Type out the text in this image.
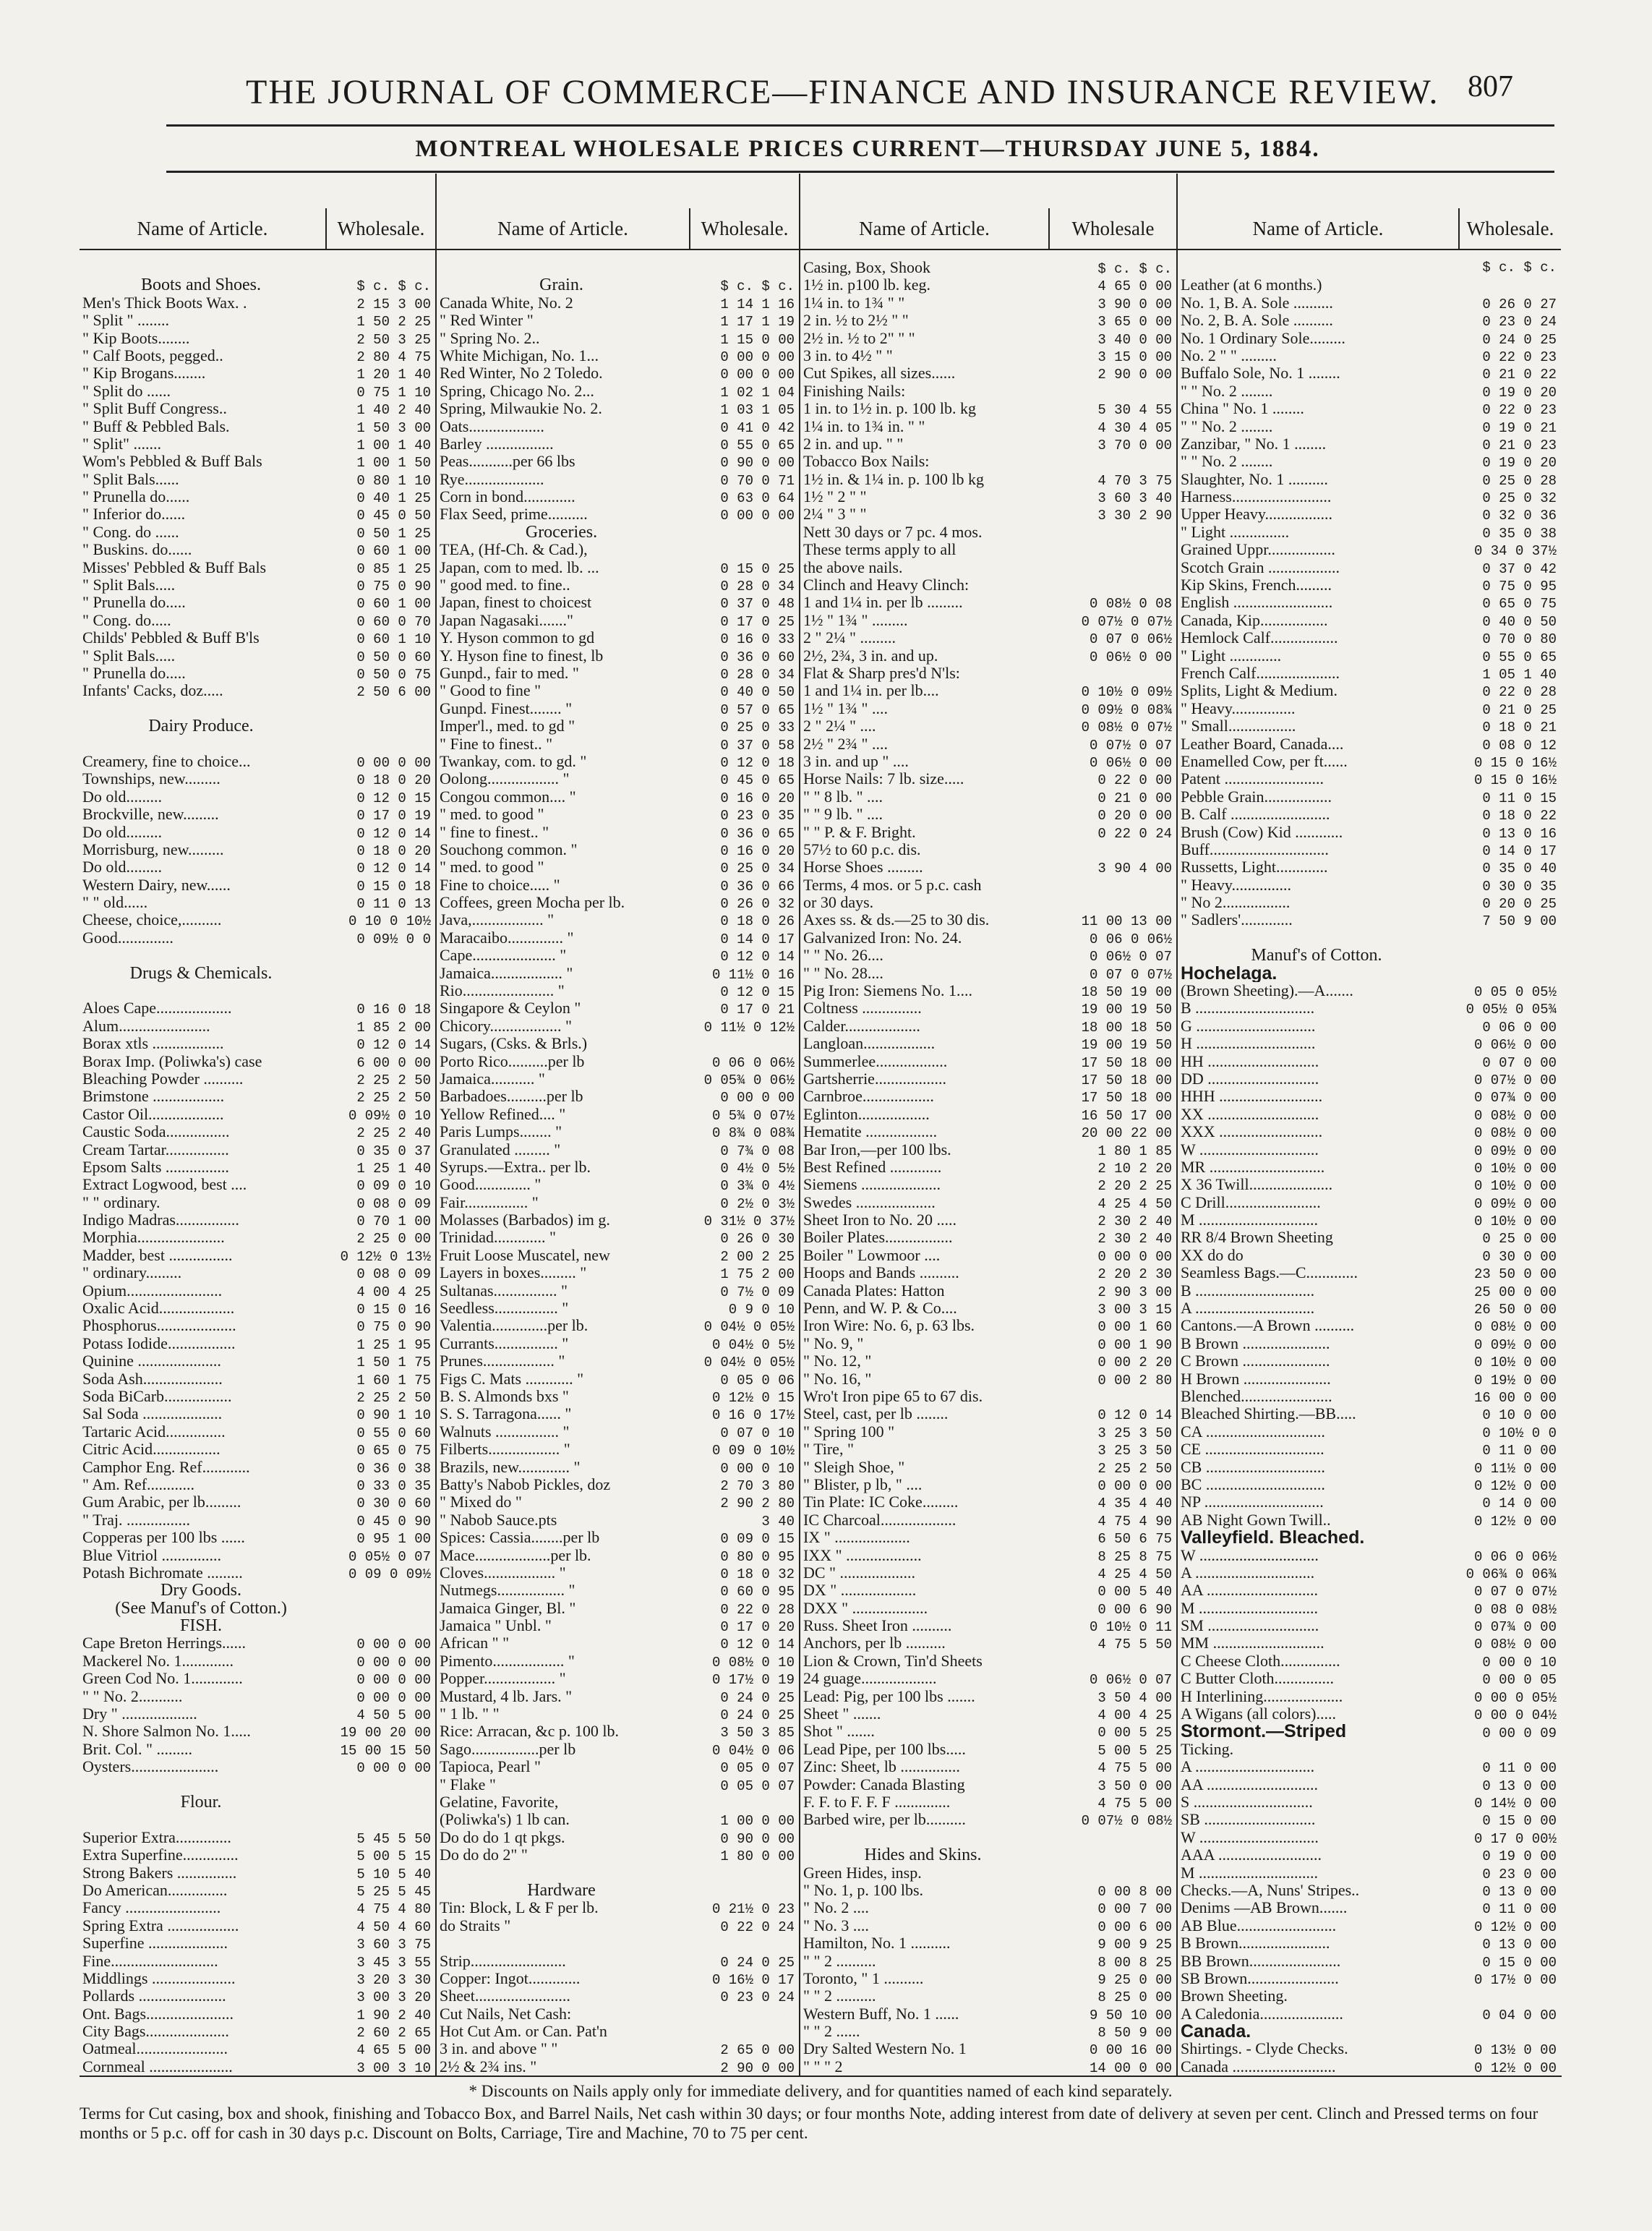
THE JOURNAL OF COMMERCE—FINANCE AND INSURANCE REVIEW. 807
MONTREAL WHOLESALE PRICES CURRENT—THURSDAY JUNE 5, 1884.
Name of Article.	Wholesale.
Boots and Shoes.	$ c. $ c.
Men's Thick Boots Wax. .	2 15 3 00
" Split " ........	1 50 2 25
" Kip Boots........	2 50 3 25
" Calf Boots, pegged..	2 80 4 75
" Kip Brogans........	1 20 1 40
" Split do ......	0 75 1 10
" Split Buff Congress..	1 40 2 40
" Buff & Pebbled Bals.	1 50 3 00
" Split" .......	1 00 1 40
Wom's Pebbled & Buff Bals	1 00 1 50
" Split Bals......	0 80 1 10
" Prunella do......	0 40 1 25
" Inferior do......	0 45 0 50
" Cong. do ......	0 50 1 25
" Buskins. do......	0 60 1 00
Misses' Pebbled & Buff Bals	0 85 1 25
" Split Bals.....	0 75 0 90
" Prunella do.....	0 60 1 00
" Cong. do.....	0 60 0 70
Childs' Pebbled & Buff B'ls	0 60 1 10
" Split Bals.....	0 50 0 60
" Prunella do.....	0 50 0 75
Infants' Cacks, doz.....	2 50 6 00
Dairy Produce.
Creamery, fine to choice...	0 00 0 00
Townships, new.........	0 18 0 20
Do old.........	0 12 0 15
Brockville, new.........	0 17 0 19
Do old.........	0 12 0 14
Morrisburg, new.........	0 18 0 20
Do old.........	0 12 0 14
Western Dairy, new......	0 15 0 18
" " old......	0 11 0 13
Cheese, choice,..........	0 10 0 10½
Good..............	0 09½ 0 0
Drugs & Chemicals.
Aloes Cape...................	0 16 0 18
Alum.......................	1 85 2 00
Borax xtls ..................	0 12 0 14
Borax Imp. (Poliwka's) case	6 00 0 00
Bleaching Powder ..........	2 25 2 50
Brimstone ..................	2 25 2 50
Castor Oil...................	0 09½ 0 10
Caustic Soda................	2 25 2 40
Cream Tartar................	0 35 0 37
Epsom Salts ................	1 25 1 40
Extract Logwood, best ....	0 09 0 10
" " ordinary.	0 08 0 09
Indigo Madras................	0 70 1 00
Morphia......................	2 25 0 00
Madder, best ................	0 12½ 0 13½
" ordinary.........	0 08 0 09
Opium........................	4 00 4 25
Oxalic Acid...................	0 15 0 16
Phosphorus....................	0 75 0 90
Potass Iodide.................	1 25 1 95
Quinine .....................	1 50 1 75
Soda Ash....................	1 60 1 75
Soda BiCarb.................	2 25 2 50
Sal Soda ....................	0 90 1 10
Tartaric Acid...............	0 55 0 60
Citric Acid.................	0 65 0 75
Camphor Eng. Ref............	0 36 0 38
" Am. Ref............	0 33 0 35
Gum Arabic, per lb.........	0 30 0 60
" Traj. ................	0 45 0 90
Copperas per 100 lbs ......	0 95 1 00
Blue Vitriol ...............	0 05½ 0 07
Potash Bichromate .........	0 09 0 09½
Dry Goods.
(See Manuf's of Cotton.)
FISH.
Cape Breton Herrings......	0 00 0 00
Mackerel No. 1.............	0 00 0 00
Green Cod No. 1.............	0 00 0 00
" " No. 2...........	0 00 0 00
Dry " ...................	4 50 5 00
N. Shore Salmon No. 1.....	19 00 20 00
Brit. Col. " .........	15 00 15 50
Oysters......................	0 00 0 00
Flour.
Superior Extra..............	5 45 5 50
Extra Superfine..............	5 00 5 15
Strong Bakers ...............	5 10 5 40
Do American...............	5 25 5 45
Fancy ........................	4 75 4 80
Spring Extra ..................	4 50 4 60
Superfine ....................	3 60 3 75
Fine...........................	3 45 3 55
Middlings .....................	3 20 3 30
Pollards ......................	3 00 3 20
Ont. Bags......................	1 90 2 40
City Bags.....................	2 60 2 65
Oatmeal.......................	4 65 5 00
Cornmeal .....................	3 00 3 10
Name of Article.	Wholesale.
Grain.	$ c. $ c.
Canada White, No. 2	1 14 1 16
" Red Winter "	1 17 1 19
" Spring No. 2..	1 15 0 00
White Michigan, No. 1...	0 00 0 00
Red Winter, No 2 Toledo.	0 00 0 00
Spring, Chicago No. 2...	1 02 1 04
Spring, Milwaukie No. 2.	1 03 1 05
Oats...................	0 41 0 42
Barley .................	0 55 0 65
Peas...........per 66 lbs	0 90 0 00
Rye....................	0 70 0 71
Corn in bond.............	0 63 0 64
Flax Seed, prime..........	0 00 0 00
Groceries.
TEA, (Hf-Ch. & Cad.),
Japan, com to med. lb. ...	0 15 0 25
" good med. to fine..	0 28 0 34
Japan, finest to choicest	0 37 0 48
Japan Nagasaki......."	0 17 0 25
Y. Hyson common to gd	0 16 0 33
Y. Hyson fine to finest, lb	0 36 0 60
Gunpd., fair to med. "	0 28 0 34
" Good to fine "	0 40 0 50
Gunpd. Finest........ "	0 57 0 65
Imper'l., med. to gd "	0 25 0 33
" Fine to finest.. "	0 37 0 58
Twankay, com. to gd. "	0 12 0 18
Oolong.................. "	0 45 0 65
Congou common.... "	0 16 0 20
" med. to good "	0 23 0 35
" fine to finest.. "	0 36 0 65
Souchong common. "	0 16 0 20
" med. to good "	0 25 0 34
Fine to choice..... "	0 36 0 66
Coffees, green Mocha per lb.	0 26 0 32
Java,.................. "	0 18 0 26
Maracaibo.............. "	0 14 0 17
Cape..................... "	0 12 0 14
Jamaica.................. "	0 11½ 0 16
Rio....................... "	0 12 0 15
Singapore & Ceylon "	0 17 0 21
Chicory.................. "	0 11½ 0 12½
Sugars, (Csks. & Brls.)
Porto Rico..........per lb	0 06 0 06½
Jamaica........... "	0 05¾ 0 06½
Barbadoes..........per lb	0 00 0 00
Yellow Refined.... "	0 5¾ 0 07½
Paris Lumps........ "	0 8¾ 0 08¾
Granulated ......... "	0 7¾ 0 08
Syrups.—Extra.. per lb.	0 4½ 0 5½
Good.............. "	0 3¾ 0 4½
Fair................ "	0 2½ 0 3½
Molasses (Barbados) im g.	0 31½ 0 37½
Trinidad............. "	0 26 0 30
Fruit Loose Muscatel, new	2 00 2 25
Layers in boxes......... "	1 75 2 00
Sultanas................ "	0 7½ 0 09
Seedless................ "	0 9 0 10
Valentia..............per lb.	0 04½ 0 05½
Currants................ "	0 04½ 0 5½
Prunes.................. "	0 04½ 0 05½
Figs C. Mats ............ "	0 05 0 06
B. S. Almonds bxs "	0 12½ 0 15
S. S. Tarragona...... "	0 16 0 17½
Walnuts ................ "	0 07 0 10
Filberts.................. "	0 09 0 10½
Brazils, new............. "	0 00 0 10
Batty's Nabob Pickles, doz	2 70 3 80
" Mixed do "	2 90 2 80
" Nabob Sauce.pts	3 40
Spices: Cassia........per lb	0 09 0 15
Mace...................per lb.	0 80 0 95
Cloves.................. "	0 18 0 32
Nutmegs................. "	0 60 0 95
Jamaica Ginger, Bl. "	0 22 0 28
Jamaica " Unbl. "	0 17 0 20
African " "	0 12 0 14
Pimento.................. "	0 08½ 0 10
Popper.................. "	0 17½ 0 19
Mustard, 4 lb. Jars. "	0 24 0 25
" 1 lb. " "	0 24 0 25
Rice: Arracan, &c p. 100 lb.	3 50 3 85
Sago.................per lb	0 04½ 0 06
Tapioca, Pearl "	0 05 0 07
" Flake "	0 05 0 07
Gelatine, Favorite,
(Poliwka's) 1 lb can.	1 00 0 00
Do do do 1 qt pkgs.	0 90 0 00
Do do do 2" "	1 80 0 00
Hardware
Tin: Block, L & F per lb.	0 21½ 0 23
do Straits "	0 22 0 24
Strip........................	0 24 0 25
Copper: Ingot.............	0 16½ 0 17
Sheet........................	0 23 0 24
Cut Nails, Net Cash:
Hot Cut Am. or Can. Pat'n
3 in. and above " "	2 65 0 00
2½ & 2¾ ins. "	2 90 0 00
Name of Article.	Wholesale
Casing, Box, Shook	$ c. $ c.
1½ in. p100 lb. keg.	4 65 0 00
1¼ in. to 1¾ " "	3 90 0 00
2 in. ½ to 2½ " "	3 65 0 00
2½ in. ½ to 2" " "	3 40 0 00
3 in. to 4½ " "	3 15 0 00
Cut Spikes, all sizes......	2 90 0 00
Finishing Nails:
1 in. to 1½ in. p. 100 lb. kg	5 30 4 55
1¼ in. to 1¾ in. " "	4 30 4 05
2 in. and up. " "	3 70 0 00
Tobacco Box Nails:
1½ in. & 1¼ in. p. 100 lb kg	4 70 3 75
1½ " 2 " "	3 60 3 40
2¼ " 3 " "	3 30 2 90
Nett 30 days or 7 pc. 4 mos.
These terms apply to all
the above nails.
Clinch and Heavy Clinch:
1 and 1¼ in. per lb .........	0 08½ 0 08
1½ " 1¾ " .........	0 07½ 0 07½
2 " 2¼ " .........	0 07 0 06½
2½, 2¾, 3 in. and up.	0 06½ 0 00
Flat & Sharp pres'd N'ls:
1 and 1¼ in. per lb....	0 10½ 0 09½
1½ " 1¾ " ....	0 09½ 0 08¾
2 " 2¼ " ....	0 08½ 0 07½
2½ " 2¾ " ....	0 07½ 0 07
3 in. and up " ....	0 06½ 0 00
Horse Nails: 7 lb. size.....	0 22 0 00
" " 8 lb. " ....	0 21 0 00
" " 9 lb. " ....	0 20 0 00
" " P. & F. Bright.	0 22 0 24
57½ to 60 p.c. dis.
Horse Shoes .........	3 90 4 00
Terms, 4 mos. or 5 p.c. cash
or 30 days.
Axes ss. & ds.—25 to 30 dis.	11 00 13 00
Galvanized Iron: No. 24.	0 06 0 06½
" " No. 26....	0 06½ 0 07
" " No. 28....	0 07 0 07½
Pig Iron: Siemens No. 1....	18 50 19 00
Coltness ...............	19 00 19 50
Calder...................	18 00 18 50
Langloan..................	19 00 19 50
Summerlee..................	17 50 18 00
Gartsherrie..................	17 50 18 00
Carnbroe..................	17 50 18 00
Eglinton..................	16 50 17 00
Hematite ..................	20 00 22 00
Bar Iron,—per 100 lbs.	1 80 1 85
Best Refined .............	2 10 2 20
Siemens ....................	2 20 2 25
Swedes ....................	4 25 4 50
Sheet Iron to No. 20 .....	2 30 2 40
Boiler Plates.................	2 30 2 40
Boiler " Lowmoor ....	0 00 0 00
Hoops and Bands ..........	2 20 2 30
Canada Plates: Hatton	2 90 3 00
Penn, and W. P. & Co....	3 00 3 15
Iron Wire: No. 6, p. 63 lbs.	0 00 1 60
" No. 9, "	0 00 1 90
" No. 12, "	0 00 2 20
" No. 16, "	0 00 2 80
Wro't Iron pipe 65 to 67 dis.
Steel, cast, per lb ........	0 12 0 14
" Spring 100 "	3 25 3 50
" Tire, "	3 25 3 50
" Sleigh Shoe, "	2 25 2 50
" Blister, p lb, " ....	0 00 0 00
Tin Plate: IC Coke.........	4 35 4 40
IC Charcoal...................	4 75 4 90
IX " ...................	6 50 6 75
IXX " ...................	8 25 8 75
DC " ...................	4 25 4 50
DX " ...................	0 00 5 40
DXX " ...................	0 00 6 90
Russ. Sheet Iron ..........	0 10½ 0 11
Anchors, per lb ..........	4 75 5 50
Lion & Crown, Tin'd Sheets
24 guage...................	0 06½ 0 07
Lead: Pig, per 100 lbs .......	3 50 4 00
Sheet " .......	4 00 4 25
Shot " .......	0 00 5 25
Lead Pipe, per 100 lbs.....	5 00 5 25
Zinc: Sheet, lb ...............	4 75 5 00
Powder: Canada Blasting	3 50 0 00
F. F. to F. F. F ..............	4 75 5 00
Barbed wire, per lb..........	0 07½ 0 08½
Hides and Skins.
Green Hides, insp.
" No. 1, p. 100 lbs.	0 00 8 00
" No. 2 ....	0 00 7 00
" No. 3 ....	0 00 6 00
Hamilton, No. 1 ..........	9 00 9 25
" " 2 ..........	8 00 8 25
Toronto, " 1 ..........	9 25 0 00
" " 2 ..........	8 25 0 00
Western Buff, No. 1 ......	9 50 10 00
" " 2 ......	8 50 9 00
Dry Salted Western No. 1	0 00 16 00
" " " 2	14 00 0 00
Name of Article.	Wholesale.
$ c. $ c.
Leather (at 6 months.)
No. 1, B. A. Sole ..........	0 26 0 27
No. 2, B. A. Sole ..........	0 23 0 24
No. 1 Ordinary Sole.........	0 24 0 25
No. 2 " " .........	0 22 0 23
Buffalo Sole, No. 1 ........	0 21 0 22
" " No. 2 ........	0 19 0 20
China " No. 1 ........	0 22 0 23
" " No. 2 ........	0 19 0 21
Zanzibar, " No. 1 ........	0 21 0 23
" " No. 2 ........	0 19 0 20
Slaughter, No. 1 ..........	0 25 0 28
Harness.........................	0 25 0 32
Upper Heavy.................	0 32 0 36
" Light ...............	0 35 0 38
Grained Uppr.................	0 34 0 37½
Scotch Grain ..................	0 37 0 42
Kip Skins, French.........	0 75 0 95
English .........................	0 65 0 75
Canada, Kip.................	0 40 0 50
Hemlock Calf.................	0 70 0 80
" Light .............	0 55 0 65
French Calf.....................	1 05 1 40
Splits, Light & Medium.	0 22 0 28
" Heavy................	0 21 0 25
" Small.................	0 18 0 21
Leather Board, Canada....	0 08 0 12
Enamelled Cow, per ft......	0 15 0 16½
Patent .........................	0 15 0 16½
Pebble Grain.................	0 11 0 15
B. Calf .........................	0 18 0 22
Brush (Cow) Kid ............	0 13 0 16
Buff..............................	0 14 0 17
Russetts, Light.............	0 35 0 40
" Heavy...............	0 30 0 35
" No 2.................	0 20 0 25
" Sadlers'.............	7 50 9 00
Manuf's of Cotton.
Hochelaga.
(Brown Sheeting).—A.......	0 05 0 05½
B ..............................	0 05½ 0 05¾
G ..............................	0 06 0 00
H ..............................	0 06½ 0 00
HH ............................	0 07 0 00
DD ............................	0 07½ 0 00
HHH ..........................	0 07¾ 0 00
XX ............................	0 08½ 0 00
XXX ..........................	0 08½ 0 00
W ..............................	0 09½ 0 00
MR .............................	0 10½ 0 00
X 36 Twill.....................	0 10½ 0 00
C Drill........................	0 09½ 0 00
M ..............................	0 10½ 0 00
RR 8/4 Brown Sheeting	0 25 0 00
XX do do	0 30 0 00
Seamless Bags.—C.............	23 50 0 00
B ..............................	25 00 0 00
A ..............................	26 50 0 00
Cantons.—A Brown ..........	0 08½ 0 00
B Brown ......................	0 09½ 0 00
C Brown ......................	0 10½ 0 00
H Brown ......................	0 19½ 0 00
Blenched.......................	16 00 0 00
Bleached Shirting.—BB.....	0 10 0 00
CA ..............................	0 10½ 0 0
CE ..............................	0 11 0 00
CB ..............................	0 11½ 0 00
BC ..............................	0 12½ 0 00
NP ..............................	0 14 0 00
AB Night Gown Twill..	0 12½ 0 00
Valleyfield. Bleached.
W ..............................	0 06 0 06½
A ..............................	0 06¾ 0 06¾
AA ............................	0 07 0 07½
M ..............................	0 08 0 08½
SM ............................	0 07¾ 0 00
MM ............................	0 08½ 0 00
C Cheese Cloth...............	0 00 0 10
C Butter Cloth...............	0 00 0 05
H Interlining....................	0 00 0 05½
A Wigans (all colors).....	0 00 0 04½
Stormont.—Striped	0 00 0 09
Ticking.
A ..............................	0 11 0 00
AA ............................	0 13 0 00
S ..............................	0 14½ 0 00
SB ............................	0 15 0 00
W ..............................	0 17 0 00½
AAA ..........................	0 19 0 00
M ..............................	0 23 0 00
Checks.—A, Nuns' Stripes..	0 13 0 00
Denims —AB Brown.......	0 11 0 00
AB Blue.........................	0 12½ 0 00
B Brown.......................	0 13 0 00
BB Brown.......................	0 15 0 00
SB Brown.......................	0 17½ 0 00
Brown Sheeting.
A Caledonia.....................	0 04 0 00
Canada.
Shirtings. - Clyde Checks.	0 13½ 0 00
Canada ..........................	0 12½ 0 00

* Discounts on Nails apply only for immediate delivery, and for quantities named of each kind separately.

Terms for Cut casing, box and shook, finishing and Tobacco Box, and Barrel Nails, Net cash within 30 days; or four months Note, adding interest from date of delivery at seven per cent. Clinch and Pressed terms on four months or 5 p.c. off for cash in 30 days p.c. Discount on Bolts, Carriage, Tire and Machine, 70 to 75 per cent.
